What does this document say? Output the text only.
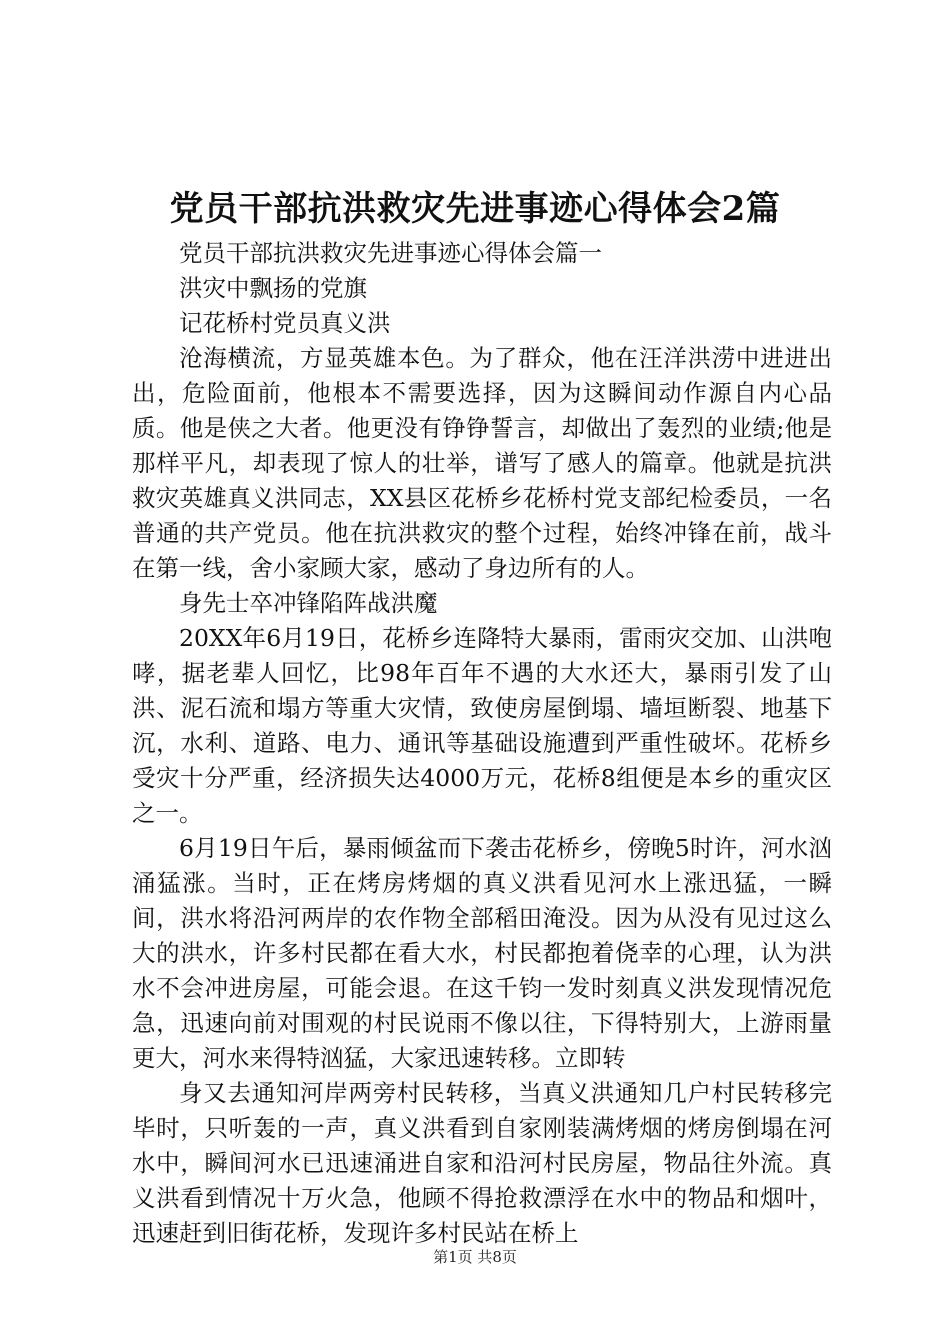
党员干部抗洪救灾先进事迹心得体会2篇

党员干部抗洪救灾先进事迹心得体会篇一

洪灾中飘扬的党旗

记花桥村党员真义洪

沧海横流，方显英雄本色。为了群众，他在汪洋洪涝中进进出出，危险面前，他根本不需要选择，因为这瞬间动作源自内心品质。他是侠之大者。他更没有铮铮誓言，却做出了轰烈的业绩;他是那样平凡，却表现了惊人的壮举，谱写了感人的篇章。他就是抗洪救灾英雄真义洪同志，XX县区花桥乡花桥村党支部纪检委员，一名普通的共产党员。他在抗洪救灾的整个过程，始终冲锋在前，战斗在第一线，舍小家顾大家，感动了身边所有的人。

身先士卒冲锋陷阵战洪魔

20XX年6月19日，花桥乡连降特大暴雨，雷雨灾交加、山洪咆哮，据老辈人回忆，比98年百年不遇的大水还大，暴雨引发了山洪、泥石流和塌方等重大灾情，致使房屋倒塌、墙垣断裂、地基下沉，水利、道路、电力、通讯等基础设施遭到严重性破坏。花桥乡受灾十分严重，经济损失达4000万元，花桥8组便是本乡的重灾区之一。

6月19日午后，暴雨倾盆而下袭击花桥乡，傍晚5时许，河水汹涌猛涨。当时，正在烤房烤烟的真义洪看见河水上涨迅猛，一瞬间，洪水将沿河两岸的农作物全部稻田淹没。因为从没有见过这么大的洪水，许多村民都在看大水，村民都抱着侥幸的心理，认为洪水不会冲进房屋，可能会退。在这千钧一发时刻真义洪发现情况危急，迅速向前对围观的村民说雨不像以往，下得特别大，上游雨量更大，河水来得特汹猛，大家迅速转移。立即转

身又去通知河岸两旁村民转移，当真义洪通知几户村民转移完毕时，只听轰的一声，真义洪看到自家刚装满烤烟的烤房倒塌在河水中，瞬间河水已迅速涌进自家和沿河村民房屋，物品往外流。真义洪看到情况十万火急，他顾不得抢救漂浮在水中的物品和烟叶，迅速赶到旧街花桥，发现许多村民站在桥上

第1页 共8页
